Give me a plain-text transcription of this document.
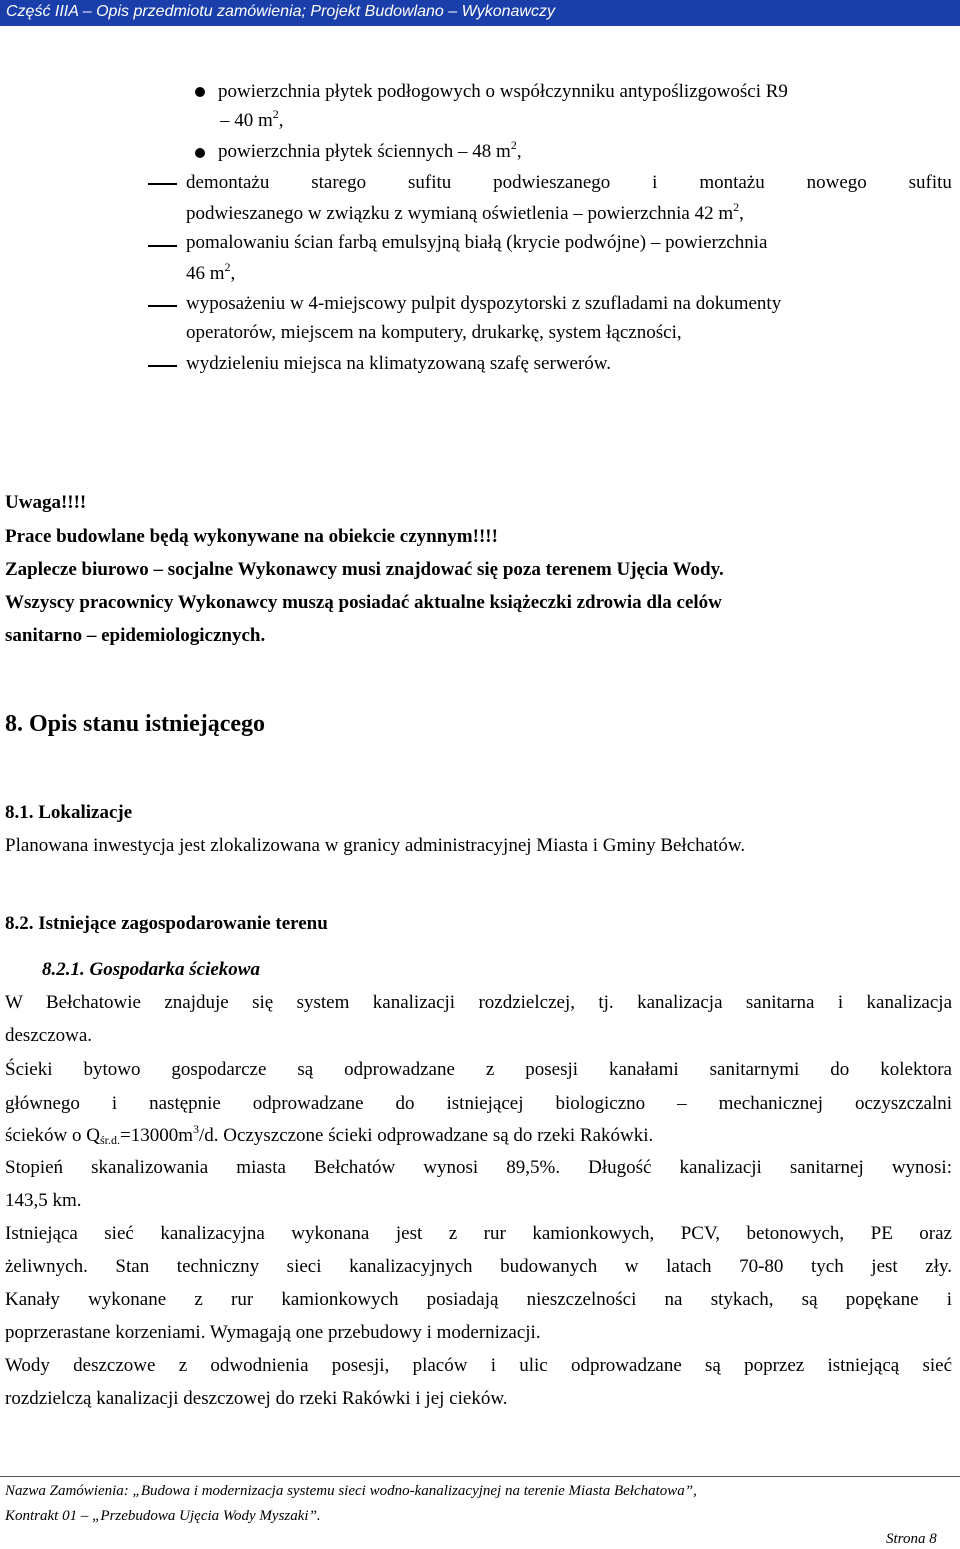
Część IIIA – Opis przedmiotu zamówienia; Projekt Budowlano – Wykonawczy
powierzchnia płytek podłogowych o współczynniku antypoślizgowości R9
– 40 $m^2$,
powierzchnia płytek ściennych – 48 $m^2$,
demontażu starego sufitu podwieszanego i montażu nowego sufitu
podwieszanego w związku z wymianą oświetlenia – powierzchnia 42 $m^2$,
pomalowaniu ścian farbą emulsyjną białą (krycie podwójne) – powierzchnia
46 $m^2$,
wyposażeniu w 4-miejscowy pulpit dyspozytorski z szufladami na dokumenty
operatorów, miejscem na komputery, drukarkę, system łączności,
wydzieleniu miejsca na klimatyzowaną szafę serwerów.
Uwaga!!!!
Prace budowlane będą wykonywane na obiekcie czynnym!!!!
Zaplecze biurowo – socjalne Wykonawcy musi znajdować się poza terenem Ujęcia Wody.
Wszyscy pracownicy Wykonawcy muszą posiadać aktualne książeczki zdrowia dla celów
sanitarno – epidemiologicznych.
8. Opis stanu istniejącego
8.1. Lokalizacje
Planowana inwestycja jest zlokalizowana w granicy administracyjnej Miasta i Gminy Bełchatów.
8.2. Istniejące zagospodarowanie terenu
8.2.1. Gospodarka ściekowa
W Bełchatowie znajduje się system kanalizacji rozdzielczej, tj. kanalizacja sanitarna i kanalizacja
deszczowa.
Ścieki bytowo gospodarcze są odprowadzane z posesji kanałami sanitarnymi do kolektora
głównego i następnie odprowadzane do istniejącej biologiczno – mechanicznej oczyszczalni
ścieków o $Q_{śr.d.}=13000m^3/d$. Oczyszczone ścieki odprowadzane są do rzeki Rakówki.
Stopień skanalizowania miasta Bełchatów wynosi 89,5%. Długość kanalizacji sanitarnej wynosi:
143,5 km.
Istniejąca sieć kanalizacyjna wykonana jest z rur kamionkowych, PCV, betonowych, PE oraz
żeliwnych. Stan techniczny sieci kanalizacyjnych budowanych w latach 70-80 tych jest zły.
Kanały wykonane z rur kamionkowych posiadają nieszczelności na stykach, są popękane i
poprzerastane korzeniami. Wymagają one przebudowy i modernizacji.
Wody deszczowe z odwodnienia posesji, placów i ulic odprowadzane są poprzez istniejącą sieć
rozdzielczą kanalizacji deszczowej do rzeki Rakówki i jej cieków.
Nazwa Zamówienia: „Budowa i modernizacja systemu sieci wodno-kanalizacyjnej na terenie Miasta Bełchatowa”,
Kontrakt 01 – „Przebudowa Ujęcia Wody Myszaki”.
Strona 8
